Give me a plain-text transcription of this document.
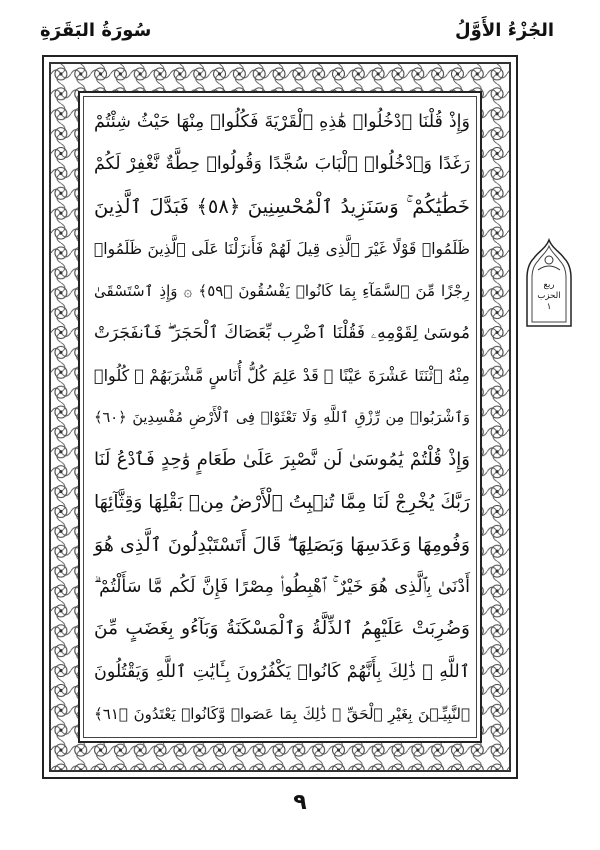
الجُزْءُ الأَوَّلُ
سُورَةُ البَقَرَةِ
وَإِذْ قُلْنَا ٱدْخُلُوا۟ هَٰذِهِ ٱلْقَرْيَةَ فَكُلُوا۟ مِنْهَا حَيْثُ شِئْتُمْ
رَغَدًا وَٱدْخُلُوا۟ ٱلْبَابَ سُجَّدًا وَقُولُوا۟ حِطَّةٌ نَّغْفِرْ لَكُمْ
خَطَٰيَٰكُمْ ۚ وَسَنَزِيدُ ٱلْمُحْسِنِينَ ﴿٥٨﴾ فَبَدَّلَ ٱلَّذِينَ
ظَلَمُوا۟ قَوْلًا غَيْرَ ٱلَّذِى قِيلَ لَهُمْ فَأَنزَلْنَا عَلَى ٱلَّذِينَ ظَلَمُوا۟
رِجْزًا مِّنَ ٱلسَّمَآءِ بِمَا كَانُوا۟ يَفْسُقُونَ ﴿٥٩﴾ ۞ وَإِذِ ٱسْتَسْقَىٰ
مُوسَىٰ لِقَوْمِهِۦ فَقُلْنَا ٱضْرِب بِّعَصَاكَ ٱلْحَجَرَ ۖ فَٱنفَجَرَتْ
مِنْهُ ٱثْنَتَا عَشْرَةَ عَيْنًا ۖ قَدْ عَلِمَ كُلُّ أُنَاسٍ مَّشْرَبَهُمْ ۖ كُلُوا۟
وَٱشْرَبُوا۟ مِن رِّزْقِ ٱللَّهِ وَلَا تَعْثَوْا۟ فِى ٱلْأَرْضِ مُفْسِدِينَ ﴿٦٠﴾
وَإِذْ قُلْتُمْ يَٰمُوسَىٰ لَن نَّصْبِرَ عَلَىٰ طَعَامٍ وَٰحِدٍ فَٱدْعُ لَنَا
رَبَّكَ يُخْرِجْ لَنَا مِمَّا تُنۢبِتُ ٱلْأَرْضُ مِنۢ بَقْلِهَا وَقِثَّآئِهَا
وَفُومِهَا وَعَدَسِهَا وَبَصَلِهَا ۖ قَالَ أَتَسْتَبْدِلُونَ ٱلَّذِى هُوَ
أَدْنَىٰ بِٱلَّذِى هُوَ خَيْرٌ ۚ ٱهْبِطُوا۟ مِصْرًا فَإِنَّ لَكُم مَّا سَأَلْتُمْ ۗ
وَضُرِبَتْ عَلَيْهِمُ ٱلذِّلَّةُ وَٱلْمَسْكَنَةُ وَبَآءُو بِغَضَبٍ مِّنَ
ٱللَّهِ ۗ ذَٰلِكَ بِأَنَّهُمْ كَانُوا۟ يَكْفُرُونَ بِـَٔايَٰتِ ٱللَّهِ وَيَقْتُلُونَ
ٱلنَّبِيِّـۧنَ بِغَيْرِ ٱلْحَقِّ ۗ ذَٰلِكَ بِمَا عَصَوا۟ وَّكَانُوا۟ يَعْتَدُونَ ﴿٦١﴾
ربع
الحزب
١
٩
